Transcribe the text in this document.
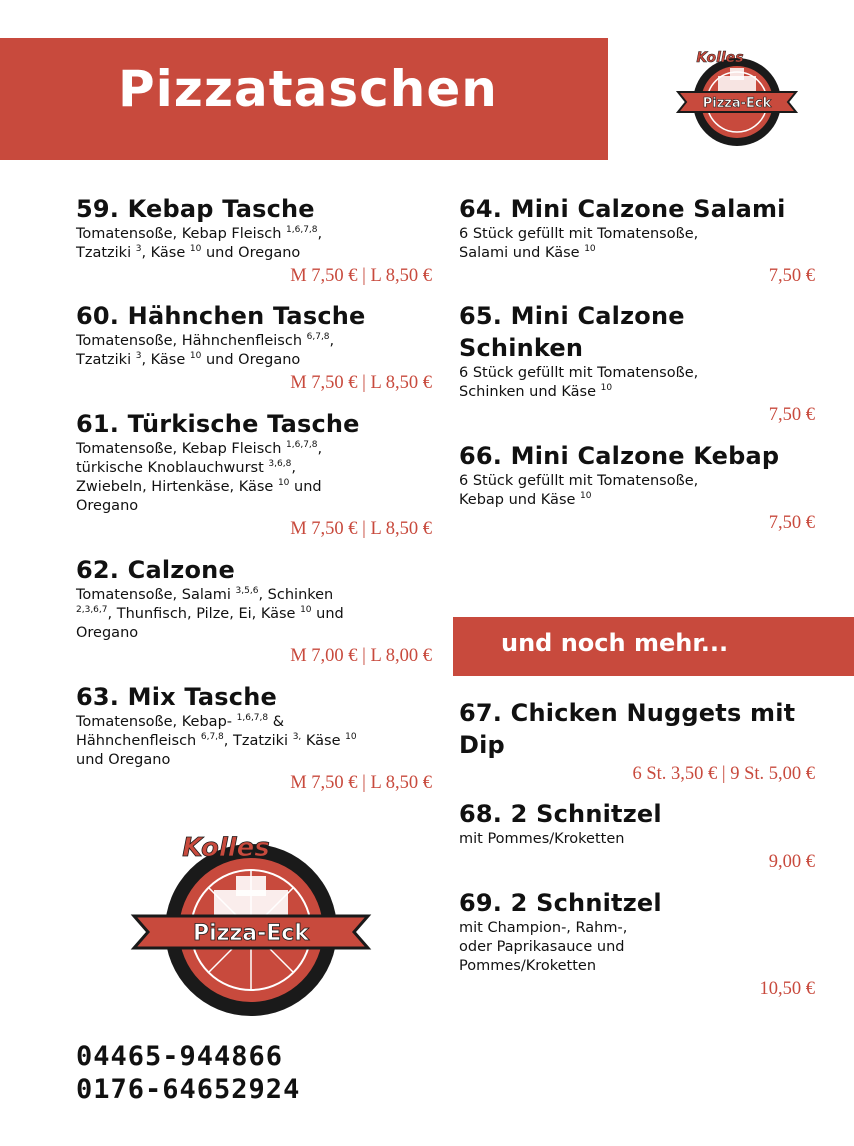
Pizzataschen	Pizza-Eck
Kolles
59. Kebap Tasche

Tomatensoße, Kebap Fleisch $^{1,6,7,8}$,
Tzatziki $^3$, Käse $^{10}$ und Oregano

M 7,50 € | L 8,50 €
60. Hähnchen Tasche

Tomatensoße, Hähnchenfleisch $^{6,7,8}$,
Tzatziki $^3$, Käse $^{10}$ und Oregano

M 7,50 € | L 8,50 €
61. Türkische Tasche

Tomatensoße, Kebap Fleisch $^{1,6,7,8}$,
türkische Knoblauchwurst $^{3,6,8}$,
Zwiebeln, Hirtenkäse, Käse $^{10}$ und
Oregano

M 7,50 € | L 8,50 €
62. Calzone

Tomatensoße, Salami $^{3,5,6}$, Schinken
$^{2,3,6,7}$, Thunfisch, Pilze, Ei, Käse $^{10}$ und
Oregano

M 7,00 € | L 8,00 €
63. Mix Tasche

Tomatensoße, Kebap- $^{1,6,7,8}$ &
Hähnchenfleisch $^{6,7,8}$, Tzatziki $^{3,}$ Käse $^{10}$
und Oregano

M 7,50 € | L 8,50 €
64. Mini Calzone Salami

6 Stück gefüllt mit Tomatensoße,
Salami und Käse $^{10}$

7,50 €
65. Mini Calzone Schinken

6 Stück gefüllt mit Tomatensoße,
Schinken und Käse $^{10}$

7,50 €
66. Mini Calzone Kebap

6 Stück gefüllt mit Tomatensoße,
Kebap und Käse $^{10}$

7,50 €
und noch mehr...
67. Chicken Nuggets mit Dip
6 St. 3,50 € | 9 St. 5,00 €
68. 2 Schnitzel

mit Pommes/Kroketten

9,00 €
69. 2 Schnitzel

mit Champion-, Rahm-,
oder Paprikasauce und
Pommes/Kroketten

10,50 €
Pizza-Eck
Kolles
04465-944866
0176-64652924
